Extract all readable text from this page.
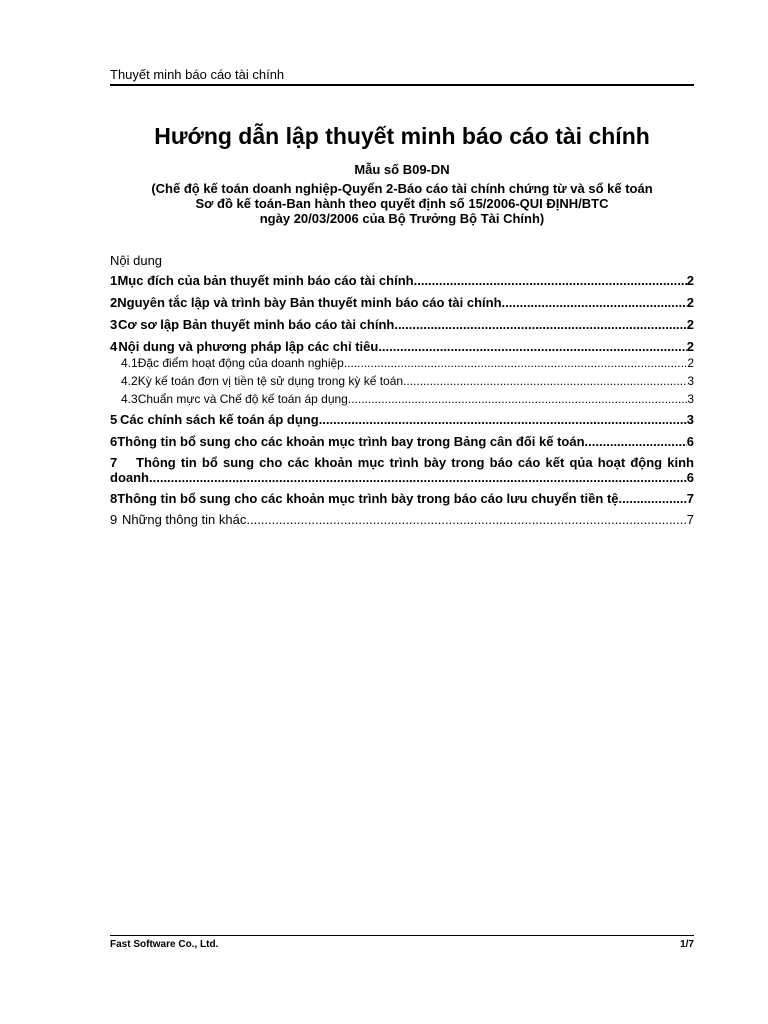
Thuyết minh báo cáo tài chính
Hướng dẫn lập thuyết minh báo cáo tài chính
Mẫu số B09-DN
(Chế độ kế toán doanh nghiệp-Quyển 2-Báo cáo tài chính chứng từ và sổ kế toán
Sơ đồ kế toán-Ban hành theo quyết định số 15/2006-QUI ĐỊNH/BTC
ngày 20/03/2006 của Bộ Trưởng Bộ Tài Chính)
Nội dung
1 Mục đích của bản thuyết minh báo cáo tài chính .....	2
2 Nguyên tắc lập và trình bày Bản thuyết minh báo cáo tài chính .....	2
3 Cơ sơ lập Bản thuyết minh báo cáo tài chính .....	2
4 Nội dung và phương pháp lập các chỉ tiêu .....	2
4.1 Đặc điểm hoạt động của doanh nghiệp .....	2
4.2 Kỳ kế toán đơn vị tiền tệ sử dụng trong kỳ kế toán .....	3
4.3 Chuẩn mực và Chế độ kế toán áp dụng .....	3
5 Các chính sách kế toán áp dụng .....	3
6 Thông tin bổ sung cho các khoản mục trình bay trong Bảng cân đối kế toán .....	6
7 Thông tin bổ sung cho các khoản mục trình bày trong báo cáo kết qủa hoạt động kinh
doanh .....	6
8 Thông tin bổ sung cho các khoản mục trình bày trong báo cáo lưu chuyển tiền tệ .....	7
9 Những thông tin khác .....	7
Fast Software Co., Ltd.	1/7
